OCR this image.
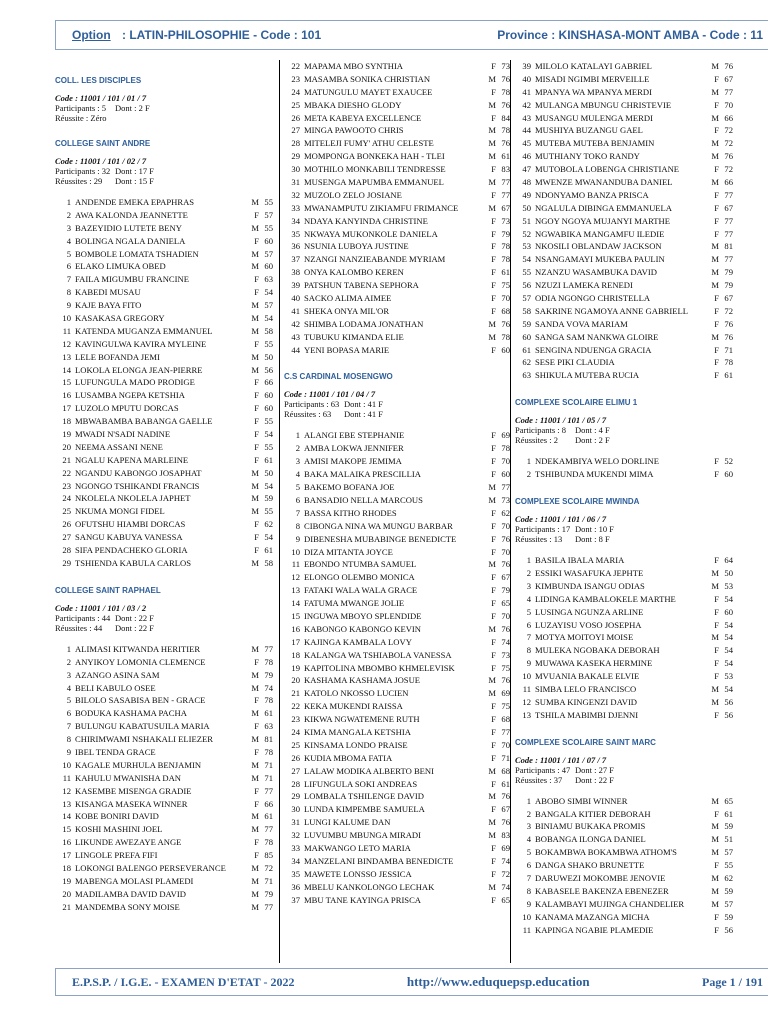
Option : LATIN-PHILOSOPHIE - Code : 101	Province : KINSHASA-MONT AMBA - Code : 11
COLL. LES DISCIPLES
Code : 11001 / 101 / 01 / 7
Participants : 5	Dont : 2 F
Réussite : Zéro
COLLEGE SAINT ANDRE
Code : 11001 / 101 / 02 / 7
Participants : 32 Dont : 17 F
Réussites : 29	Dont : 15 F
1 ANDENDE EMEKA EPAPHRAS	M 55
2 AWA KALONDA JEANNETTE	F 57
3 BAZEYIDIO LUTETE BENY	M 55
4 BOLINGA NGALA DANIELA	F 60
5 BOMBOLE LOMATA TSHADIEN	M 57
6 ELAKO LIMUKA OBED	M 60
7 FAILA MIGUMBU FRANCINE	F 63
8 KABEDI MUSAU	F 54
9 KAJE BAYA FITO	M 57
10 KASAKASA GREGORY	M 54
11 KATENDA MUGANZA EMMANUEL	M 58
12 KAVINGULWA KAVIRA MYLEINE	F 55
13 LELE BOFANDA JEMI	M 50
14 LOKOLA ELONGA JEAN-PIERRE	M 56
15 LUFUNGULA MADO PRODIGE	F 66
16 LUSAMBA NGEPA KETSHIA	F 60
17 LUZOLO MPUTU DORCAS	F 60
18 MBWABAMBA BABANGA GAELLE	F 55
19 MWADI N'SADI NADINE	F 54
20 NEEMA ASSANI NENE	F 55
21 NGALU KAPENA MARLEINE	F 61
22 NGANDU KABONGO JOSAPHAT	M 50
23 NGONGO TSHIKANDI FRANCIS	M 54
24 NKOLELA NKOLELA JAPHET	M 59
25 NKUMA MONGI FIDEL	M 55
26 OFUTSHU HIAMBI DORCAS	F 62
27 SANGU KABUYA VANESSA	F 54
28 SIFA PENDACHEKO GLORIA	F 61
29 TSHIENDA KABULA CARLOS	M 58
COLLEGE SAINT RAPHAEL
Code : 11001 / 101 / 03 / 2
Participants : 44 Dont : 22 F
Réussites : 44	Dont : 22 F
1 ALIMASI KITWANDA HERITIER	M 77
2 ANYIKOY LOMONIA CLEMENCE	F 78
3 AZANGO ASINA SAM	M 79
4 BELI KABULO OSEE	M 74
5 BILOLO SASABISA BEN - GRACE	F 78
6 BODUKA KASHAMA PACHA	M 61
7 BULUNGU KABATUSUILA MARIA	F 63
8 CHIRIMWAMI NSHAKALI ELIEZER	M 81
9 IBEL TENDA GRACE	F 78
10 KAGALE MURHULA BENJAMIN	M 71
11 KAHULU MWANISHA DAN	M 71
12 KASEMBE MISENGA GRADIE	F 77
13 KISANGA MASEKA WINNER	F 66
14 KOBE BONIRI DAVID	M 61
15 KOSHI MASHINI JOEL	M 77
16 LIKUNDE AWEZAYE ANGE	F 78
17 LINGOLE PREFA FIFI	F 85
18 LOKONGI BALENGO PERSEVERANCE	M 72
19 MABENGA MOLASI PLAMEDI	M 71
20 MADILAMBA DAVID DAVID	M 79
21 MANDEMBA SONY MOISE	M 77
22 MAPAMA MBO SYNTHIA	F 73
23 MASAMBA SONIKA CHRISTIAN	M 76
24 MATUNGULU MAYET EXAUCEE	F 78
25 MBAKA DIESHO GLODY	M 76
26 META KABEYA EXCELLENCE	F 84
27 MINGA PAWOOTO CHRIS	M 78
28 MITELEJI FUMY' ATHU CELESTE	M 76
29 MOMPONGA BONKEKA HAH - TLEI	M 61
30 MOTHILO MONKABILI TENDRESSE	F 83
31 MUSENGA MAPUMBA EMMANUEL	M 77
32 MUZOLO ZELO JOSIANE	F 77
33 MWANAMPUTU ZIKIAMFU FRIMANCE	M 67
34 NDAYA KANYINDA CHRISTINE	F 73
35 NKWAYA MUKONKOLE DANIELA	F 79
36 NSUNIA LUBOYA JUSTINE	F 78
37 NZANGI NANZIEABANDE MYRIAM	F 78
38 ONYA KALOMBO KEREN	F 61
39 PATSHUN TABENA SEPHORA	F 75
40 SACKO ALIMA AIMEE	F 70
41 SHEKA ONYA MIL'OR	F 68
42 SHIMBA LODAMA JONATHAN	M 76
43 TUBUKU KIMANDA ELIE	M 78
44 YENI BOPASA MARIE	F 60
C.S CARDINAL MOSENGWO
Code : 11001 / 101 / 04 / 7
Participants : 63 Dont : 41 F
Réussites : 63	Dont : 41 F
1 ALANGI EBE STEPHANIE	F 69
2 AMBA LOKWA JENNIFER	F 78
3 AMISI MAKOPE JEMIMA	F 70
4 BAKA MALAIKA PRESCILLIA	F 60
5 BAKEMO BOFANA JOE	M 77
6 BANSADIO NELLA MARCOUS	M 73
7 BASSA KITHO RHODES	F 62
8 CIBONGA NINA WA MUNGU BARBAR	F 70
9 DIBENESHA MUBABINGE BENEDICTE	F 76
10 DIZA MITANTA JOYCE	F 70
11 EBONDO NTUMBA SAMUEL	M 76
12 ELONGO OLEMBO MONICA	F 67
13 FATAKI WALA WALA GRACE	F 79
14 FATUMA MWANGE JOLIE	F 65
15 INGUWA MBOYO SPLENDIDE	F 70
16 KABONGO KABONGO KEVIN	M 76
17 KAJINGA KAMBALA LOVY	F 74
18 KALANGA WA TSHIABOLA VANESSA	F 73
19 KAPITOLINA MBOMBO KHMELEVISK	F 75
20 KASHAMA KASHAMA JOSUE	M 76
21 KATOLO NKOSSO LUCIEN	M 69
22 KEKA MUKENDI RAISSA	F 75
23 KIKWA NGWATEMENE RUTH	F 68
24 KIMA MANGALA KETSHIA	F 77
25 KINSAMA LONDO PRAISE	F 70
26 KUDIA MBOMA FATIA	F 71
27 LALAW MODIKA ALBERTO BENI	M 68
28 LIFUNGULA SOKI ANDREAS	F 61
29 LOMBALA TSHILENGE DAVID	M 76
30 LUNDA KIMPEMBE SAMUELA	F 67
31 LUNGI KALUME DAN	M 76
32 LUVUMBU MBUNGA MIRADI	M 83
33 MAKWANGO LETO MARIA	F 69
34 MANZELANI BINDAMBA BENEDICTE	F 74
35 MAWETE LONSSO JESSICA	F 72
36 MBELU KANKOLONGO LECHAK	M 74
37 MBU TANE KAYINGA PRISCA	F 65
39 MILOLO KATALAYI GABRIEL	M 76
40 MISADI NGIMBI MERVEILLE	F 67
41 MPANYA WA MPANYA MERDI	M 77
42 MULANGA MBUNGU CHRISTEVIE	F 70
43 MUSANGU MULENGA MERDI	M 66
44 MUSHIYA BUZANGU GAEL	F 72
45 MUTEBA MUTEBA BENJAMIN	M 72
46 MUTHIANY TOKO RANDY	M 76
47 MUTOBOLA LOBENGA CHRISTIANE	F 72
48 MWENZE MWANANDUBA DANIEL	M 66
49 NDONYAMO BANZA PRISCA	F 77
50 NGALULA DIBINGA EMMANUELA	F 67
51 NGOY NGOYA MUJANYI MARTHE	F 77
52 NGWABIKA MANGAMFU ILEDIE	F 77
53 NKOSILI OBLANDAW JACKSON	M 81
54 NSANGAMAYI MUKEBA PAULIN	M 77
55 NZANZU WASAMBUKA DAVID	M 79
56 NZUZI LAMEKA RENEDI	M 79
57 ODIA NGONGO CHRISTELLA	F 67
58 SAKRINE NGAMOYA ANNE GABRIELL	F 72
59 SANDA VOVA MARIAM	F 76
60 SANGA SAM NANKWA GLOIRE	M 76
61 SENGINA NDUENGA GRACIA	F 71
62 SESE PIKI CLAUDIA	F 78
63 SHIKULA MUTEBA RUCIA	F 61
COMPLEXE SCOLAIRE ELIMU 1
Code : 11001 / 101 / 05 / 7
Participants : 8	Dont : 4 F
Réussites : 2	Dont : 2 F
1 NDEKAMBIYA WELO DORLINE	F 52
2 TSHIBUNDA MUKENDI MIMA	F 60
COMPLEXE SCOLAIRE MWINDA
Code : 11001 / 101 / 06 / 7
Participants : 17 Dont : 10 F
Réussites : 13	Dont : 8 F
1 BASILA IBALA MARIA	F 64
2 ESSIKI WASAFUKA JEPHTE	M 50
3 KIMBUNDA ISANGU ODIAS	M 53
4 LIDINGA KAMBALOKELE MARTHE	F 54
5 LUSINGA NGUNZA ARLINE	F 60
6 LUZAYISU VOSO JOSEPHA	F 54
7 MOTYA MOITOYI MOISE	M 54
8 MULEKA NGOBAKA DEBORAH	F 54
9 MUWAWA KASEKA HERMINE	F 54
10 MVUANIA BAKALE ELVIE	F 53
11 SIMBA LELO FRANCISCO	M 54
12 SUMBA KINGENZI DAVID	M 56
13 TSHILA MABIMBI DJENNI	F 56
COMPLEXE SCOLAIRE SAINT MARC
Code : 11001 / 101 / 07 / 7
Participants : 47 Dont : 27 F
Réussites : 37	Dont : 22 F
1 ABOBO SIMBI WINNER	M 65
2 BANGALA KITIER DEBORAH	F 61
3 BINIAMU BUKAKA PROMIS	M 59
4 BOBANGA ILONGA DANIEL	M 51
5 BOKAMBWA BOKAMBWA ATHOM'S	M 57
6 DANGA SHAKO BRUNETTE	F 55
7 DARUWEZI MOKOMBE JENOVIE	M 62
8 KABASELE BAKENZA EBENEZER	M 59
9 KALAMBAYI MUJINGA CHANDELIER	M 57
10 KANAMA MAZANGA MICHA	F 59
11 KAPINGA NGABIE PLAMEDIE	F 56
E.P.S.P. / I.G.E. - EXAMEN D'ETAT - 2022	http://www.eduquepsp.education	Page 1 / 191
